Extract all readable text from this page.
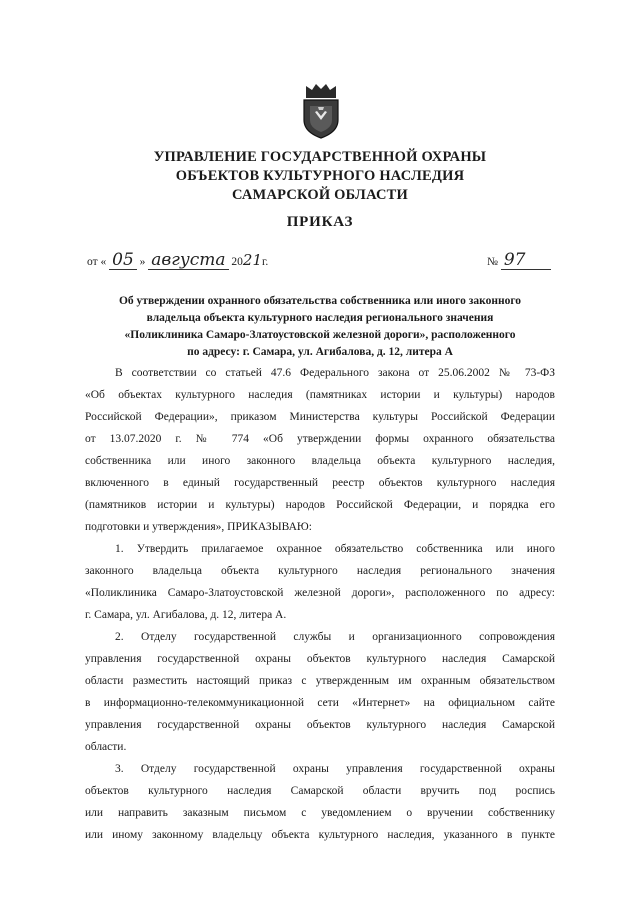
УПРАВЛЕНИЕ ГОСУДАРСТВЕННОЙ ОХРАНЫ
ОБЪЕКТОВ КУЛЬТУРНОГО НАСЛЕДИЯ
САМАРСКОЙ ОБЛАСТИ
ПРИКАЗ
от « 05 » августа 2021г.	№ 97
Об утверждении охранного обязательства собственника или иного законного
владельца объекта культурного наследия регионального значения
«Поликлиника Самаро-Златоустовской железной дороги», расположенного
по адресу: г. Самара, ул. Агибалова, д. 12, литера А
В соответствии со статьей 47.6 Федерального закона от 25.06.2002 № 73-ФЗ
«Об объектах культурного наследия (памятниках истории и культуры) народов
Российской Федерации», приказом Министерства культуры Российской Федерации
от 13.07.2020 г. № 774 «Об утверждении формы охранного обязательства
собственника или иного законного владельца объекта культурного наследия,
включенного в единый государственный реестр объектов культурного наследия
(памятников истории и культуры) народов Российской Федерации, и порядка его
подготовки и утверждения», ПРИКАЗЫВАЮ:
1. Утвердить прилагаемое охранное обязательство собственника или иного
законного владельца объекта культурного наследия регионального значения
«Поликлиника Самаро-Златоустовской железной дороги», расположенного по адресу:
г. Самара, ул. Агибалова, д. 12, литера А.
2. Отделу государственной службы и организационного сопровождения
управления государственной охраны объектов культурного наследия Самарской
области разместить настоящий приказ с утвержденным им охранным обязательством
в информационно-телекоммуникационной сети «Интернет» на официальном сайте
управления государственной охраны объектов культурного наследия Самарской
области.
3. Отделу государственной охраны управления государственной охраны
объектов культурного наследия Самарской области вручить под роспись
или направить заказным письмом с уведомлением о вручении собственнику
или иному законному владельцу объекта культурного наследия, указанного в пункте
